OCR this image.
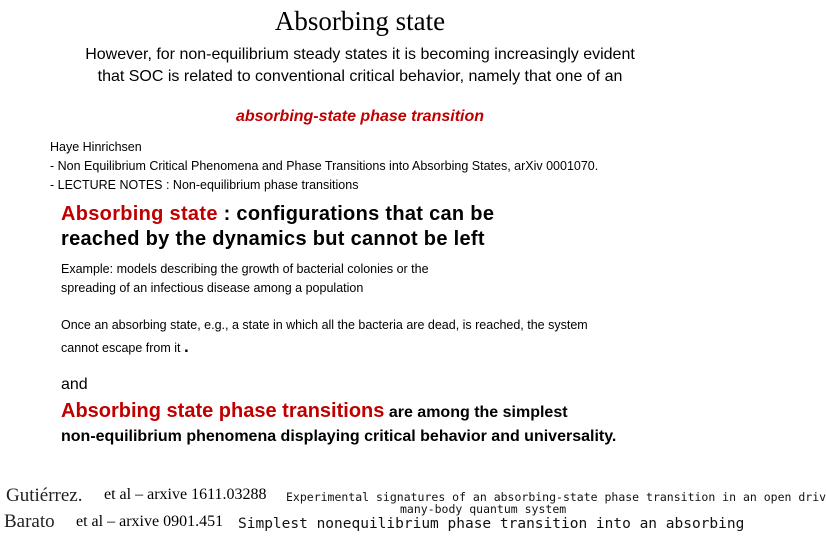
Absorbing state
However, for non-equilibrium steady states it is becoming increasingly evident
that SOC is related to conventional critical behavior, namely that one of an
absorbing-state phase transition
Haye Hinrichsen
- Non Equilibrium Critical Phenomena and Phase Transitions into Absorbing States, arXiv 0001070.
- LECTURE NOTES : Non-equilibrium phase transitions
Absorbing state : configurations that can be
reached by the dynamics but cannot be left
Example: models describing the growth of bacterial colonies or the
spreading of an infectious disease among a population
Once an absorbing state, e.g., a state in which all the bacteria are dead, is reached, the system
cannot escape from it .
and
Absorbing state phase transitions are among the simplest
non-equilibrium phenomena displaying critical behavior and universality.
Gutiérrez. et al – arxive 1611.03288 Experimental signatures of an absorbing-state phase transition in an open driv
many-body quantum system
Barato et al – arxive 0901.451 Simplest nonequilibrium phase transition into an absorbing
